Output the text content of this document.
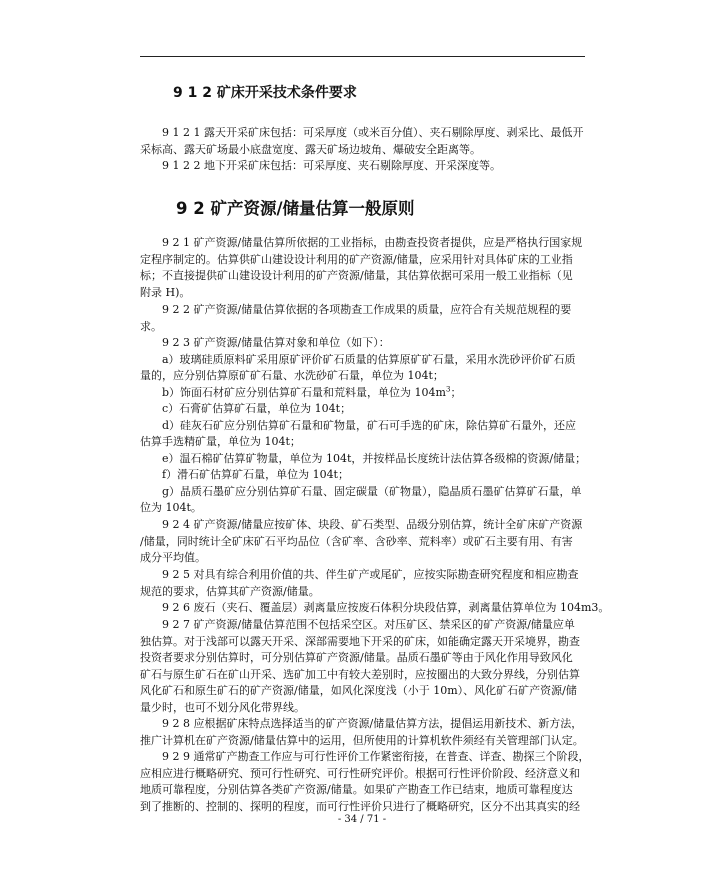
9 1 2 矿床开采技术条件要求
9 1 2 1 露天开采矿床包括：可采厚度（或米百分值）、夹石剔除厚度、剥采比、最低开
采标高、露天矿场最小底盘宽度、露天矿场边坡角、爆破安全距离等。
9 1 2 2 地下开采矿床包括：可采厚度、夹石剔除厚度、开采深度等。
9 2 矿产资源/储量估算一般原则
9 2 1 矿产资源/储量估算所依据的工业指标，由勘查投资者提供，应是严格执行国家规
定程序制定的。估算供矿山建设设计利用的矿产资源/储量，应采用针对具体矿床的工业指
标；不直接提供矿山建设设计利用的矿产资源/储量，其估算依据可采用一般工业指标（见
附录 H)。
9 2 2 矿产资源/储量估算依据的各项勘查工作成果的质量，应符合有关规范规程的要
求。
9 2 3 矿产资源/储量估算对象和单位（如下）：
a）玻璃硅质原料矿采用原矿评价矿石质量的估算原矿矿石量，采用水洗砂评价矿石质
量的，应分别估算原矿矿石量、水洗砂矿石量，单位为 104t；
b）饰面石材矿应分别估算矿石量和荒料量，单位为 $104m^3$；
c）石膏矿估算矿石量，单位为 104t；
d）硅灰石矿应分别估算矿石量和矿物量，矿石可手选的矿床，除估算矿石量外，还应
估算手选精矿量，单位为 104t；
e）温石棉矿估算矿物量，单位为 104t，并按样品长度统计法估算各级棉的资源/储量；
f）滑石矿估算矿石量，单位为 104t；
g）晶质石墨矿应分别估算矿石量、固定碳量（矿物量），隐晶质石墨矿估算矿石量，单
位为 104t。
9 2 4 矿产资源/储量应按矿体、块段、矿石类型、品级分别估算，统计全矿床矿产资源
/储量，同时统计全矿床矿石平均品位（含矿率、含砂率、荒料率）或矿石主要有用、有害
成分平均值。
9 2 5 对具有综合利用价值的共、伴生矿产或尾矿，应按实际勘查研究程度和相应勘查
规范的要求，估算其矿产资源/储量。
9 2 6 废石（夹石、覆盖层）剥离量应按废石体积分块段估算，剥离量估算单位为 104m3。
9 2 7 矿产资源/储量估算范围不包括采空区。对压矿区、禁采区的矿产资源/储量应单
独估算。对于浅部可以露天开采、深部需要地下开采的矿床，如能确定露天开采境界，勘查
投资者要求分别估算时，可分别估算矿产资源/储量。晶质石墨矿等由于风化作用导致风化
矿石与原生矿石在矿山开采、选矿加工中有较大差别时，应按圈出的大致分界线，分别估算
风化矿石和原生矿石的矿产资源/储量，如风化深度浅（小于 10m）、风化矿石矿产资源/储
量少时，也可不划分风化带界线。
9 2 8 应根据矿床特点选择适当的矿产资源/储量估算方法，提倡运用新技术、新方法，
推广计算机在矿产资源/储量估算中的运用，但所使用的计算机软件须经有关管理部门认定。
9 2 9 通常矿产勘查工作应与可行性评价工作紧密衔接，在普查、详查、勘探三个阶段，
应相应进行概略研究、预可行性研究、可行性研究评价。根据可行性评价阶段、经济意义和
地质可靠程度，分别估算各类矿产资源/储量。如果矿产勘查工作已结束，地质可靠程度达
到了推断的、控制的、探明的程度，而可行性评价只进行了概略研究，区分不出其真实的经
- 34 / 71 -
